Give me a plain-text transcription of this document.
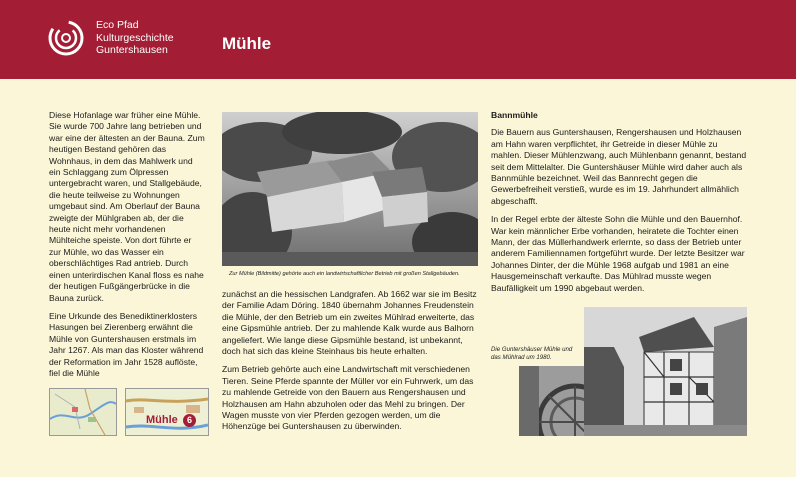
Eco Pfad
Kulturgeschichte
Guntershausen	Mühle

Diese Hofanlage war früher eine Mühle. Sie wurde 700 Jahre lang betrieben und war eine der ältesten an der Bauna. Zum heutigen Bestand gehören das Wohnhaus, in dem das Mahlwerk und ein Schlaggang zum Ölpressen untergebracht waren, und Stallgebäude, die heute teilweise zu Wohnungen umgebaut sind. Am Oberlauf der Bauna zweigte der Mühlgraben ab, der die heute nicht mehr vorhandenen Mühlteiche speiste. Von dort führte er zur Mühle, wo das Wasser ein oberschlächtiges Rad antrieb. Durch einen unterirdischen Kanal floss es nahe der heutigen Fußgängerbrücke in die Bauna zurück.

Eine Urkunde des Benediktinerklosters Hasungen bei Zierenberg erwähnt die Mühle von Guntershausen erstmals im Jahr 1267. Als man das Kloster während der Reformation im Jahr 1528 auflöste, fiel die Mühle

Zur Mühle (Bildmitte) gehörte auch ein landwirtschaftlicher Betrieb mit großen Stallgebäuden.

zunächst an die hessischen Landgrafen. Ab 1662 war sie im Besitz der Familie Adam Döring. 1840 übernahm Johannes Freudenstein die Mühle, der den Betrieb um ein zweites Mühlrad erweiterte, das eine Gipsmühle antrieb. Der zu mahlende Kalk wurde aus Balhorn angeliefert. Wie lange diese Gipsmühle bestand, ist unbekannt, doch hat sich das kleine Steinhaus bis heute erhalten.

Zum Betrieb gehörte auch eine Landwirtschaft mit verschiedenen Tieren. Seine Pferde spannte der Müller vor ein Fuhrwerk, um das zu mahlende Getreide von den Bauern aus Rengershausen und Holzhausen am Hahn abzuholen oder das Mehl zu bringen. Der Wagen musste von vier Pferden gezogen werden, um die Höhenzüge bei Guntershausen zu überwinden.

Bannmühle

Die Bauern aus Guntershausen, Rengershausen und Holzhausen am Hahn waren verpflichtet, ihr Getreide in dieser Mühle zu mahlen. Dieser Mühlenzwang, auch Mühlenbann genannt, bestand seit dem Mittelalter. Die Guntershäuser Mühle wird daher auch als Bannmühle bezeichnet. Weil das Bannrecht gegen die Gewerbefreiheit verstieß, wurde es im 19. Jahrhundert allmählich abgeschafft.

In der Regel erbte der älteste Sohn die Mühle und den Bauernhof. War kein männlicher Erbe vorhanden, heiratete die Tochter einen Mann, der das Müllerhandwerk erlernte, so dass der Betrieb unter anderem Familiennamen fortgeführt wurde. Der letzte Besitzer war Johannes Dinter, der die Mühle 1968 aufgab und 1981 an eine Hausgemeinschaft verkaufte. Das Mühlrad musste wegen Baufälligkeit um 1990 abgebaut werden.

Die Guntershäuser Mühle und
das Mühlrad um 1980.
Mühle	6
